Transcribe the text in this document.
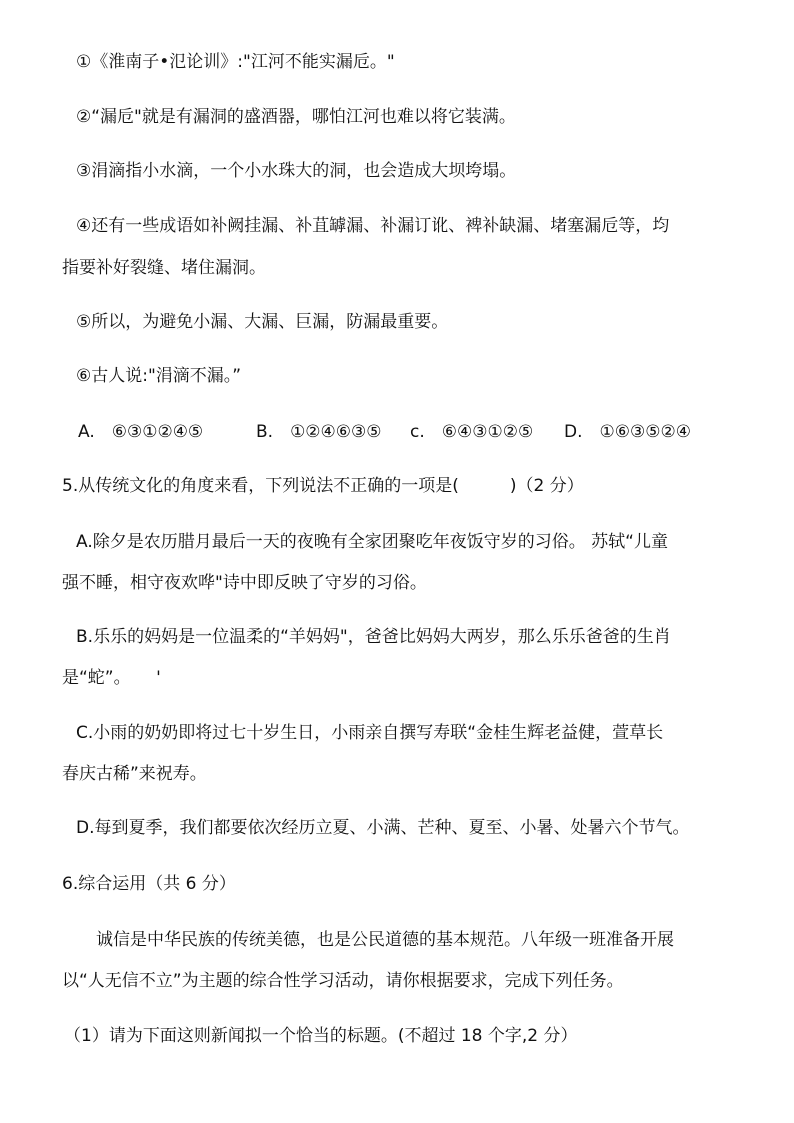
①《淮南子•氾论训》:"江河不能实漏卮。"
②“漏卮"就是有漏洞的盛酒器，哪怕江河也难以将它装满。
③涓滴指小水滴，一个小水珠大的洞，也会造成大坝垮塌。
④还有一些成语如补阙挂漏、补苴罅漏、补漏订讹、裨补缺漏、堵塞漏卮等，均
指要补好裂缝、堵住漏洞。
⑤所以，为避免小漏、大漏、巨漏，防漏最重要。
⑥古人说:"涓滴不漏。”
A.　⑥③①②④⑤	B.　①②④⑥③⑤ c.　⑥④③①②⑤ D.　①⑥③⑤②④
5.从传统文化的角度来看，下列说法不正确的一项是(　　　)（2 分）
A.除夕是农历腊月最后一天的夜晚有全家团聚吃年夜饭守岁的习俗。 苏轼“儿童
强不睡，相守夜欢哗"诗中即反映了守岁的习俗。
B.乐乐的妈妈是一位温柔的“羊妈妈"，爸爸比妈妈大两岁，那么乐乐爸爸的生肖
是“蛇”。　　'
C.小雨的奶奶即将过七十岁生日，小雨亲自撰写寿联“金桂生辉老益健，萱草长
春庆古稀”来祝寿。
D.每到夏季，我们都要依次经历立夏、小满、芒种、夏至、小暑、处暑六个节气。
6.综合运用（共 6 分）
　　诚信是中华民族的传统美德，也是公民道德的基本规范。八年级一班准备开展
以“人无信不立”为主题的综合性学习活动，请你根据要求，完成下列任务。
（1）请为下面这则新闻拟一个恰当的标题。(不超过 18 个字,2 分）
